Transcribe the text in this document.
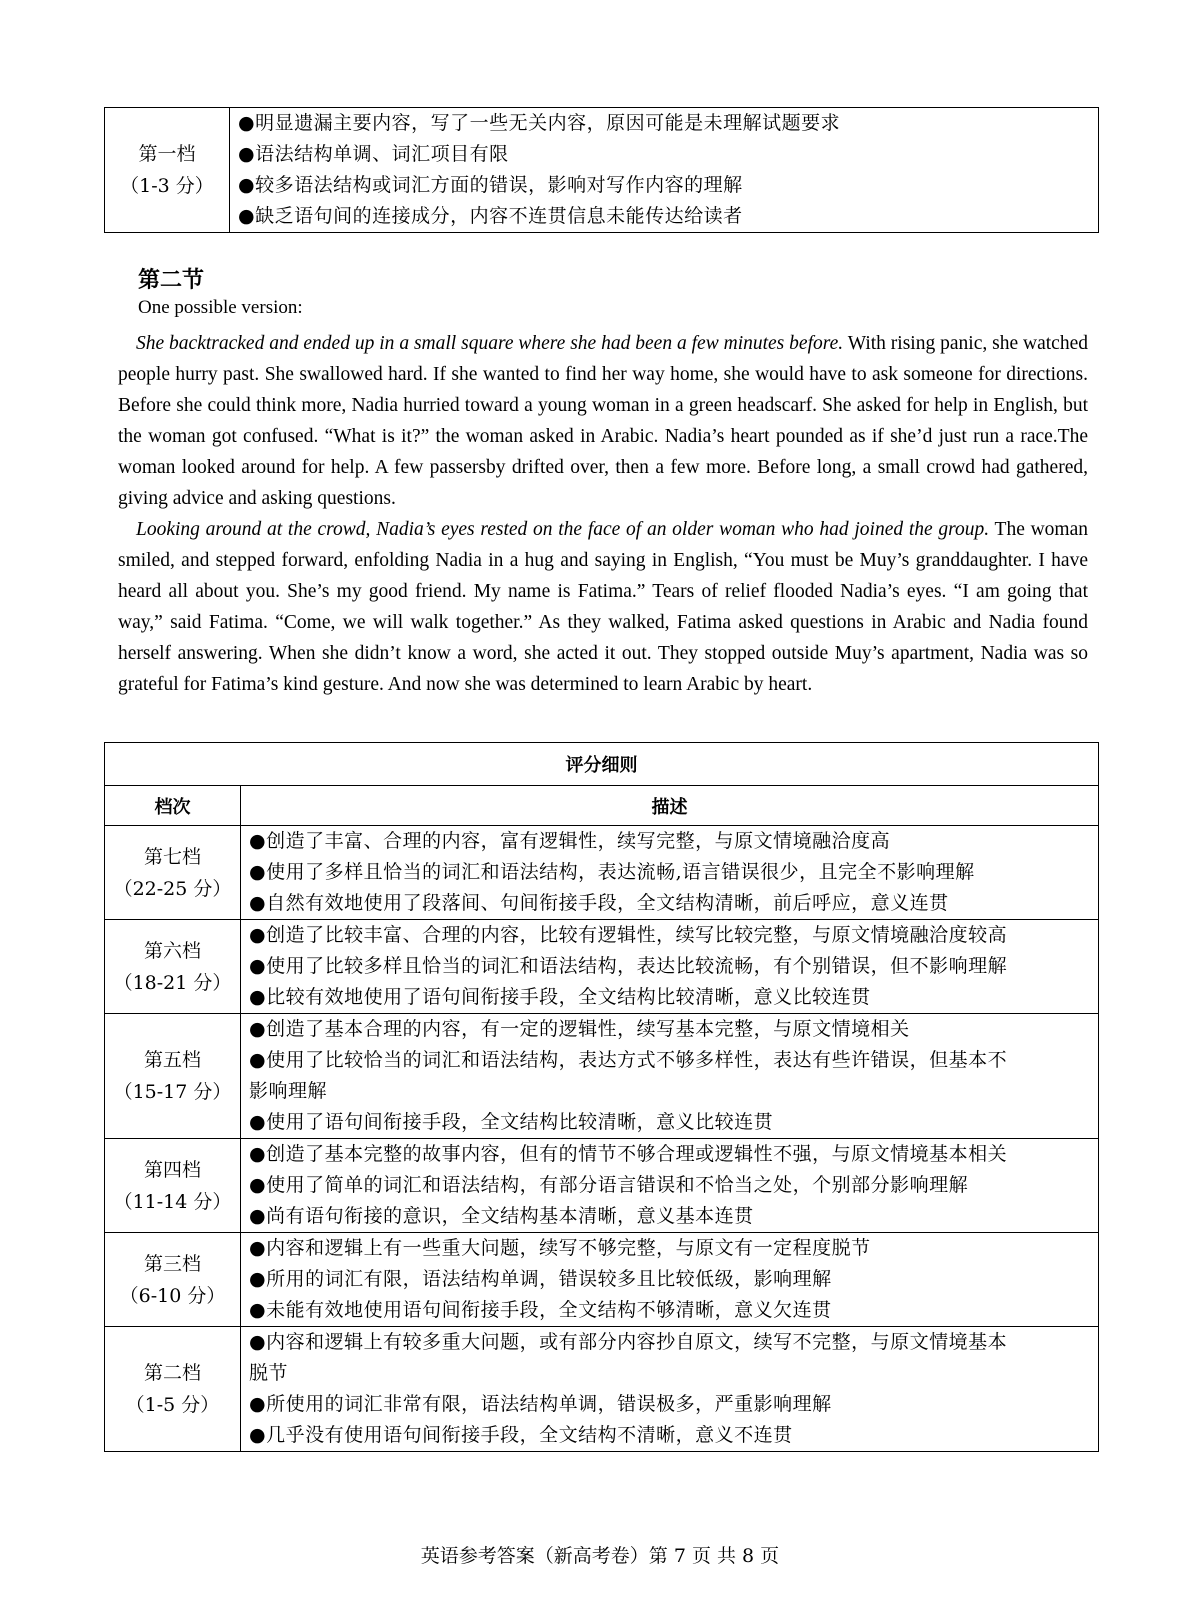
第一档
（1-3 分）

●明显遗漏主要内容，写了一些无关内容，原因可能是未理解试题要求
●语法结构单调、词汇项目有限
●较多语法结构或词汇方面的错误，影响对写作内容的理解
●缺乏语句间的连接成分，内容不连贯信息未能传达给读者
第二节
One possible version:

She backtracked and ended up in a small square where she had been a few minutes before. With rising panic, she watched people hurry past. She swallowed hard. If she wanted to find her way home, she would have to ask someone for directions. Before she could think more, Nadia hurried toward a young woman in a green headscarf. She asked for help in English, but the woman got confused. “What is it?” the woman asked in Arabic. Nadia’s heart pounded as if she’d just run a race.The woman looked around for help. A few passersby drifted over, then a few more. Before long, a small crowd had gathered, giving advice and asking questions.

Looking around at the crowd, Nadia’s eyes rested on the face of an older woman who had joined the group. The woman smiled, and stepped forward, enfolding Nadia in a hug and saying in English, “You must be Muy’s granddaughter. I have heard all about you. She’s my good friend. My name is Fatima.” Tears of relief flooded Nadia’s eyes. “I am going that way,” said Fatima. “Come, we will walk together.” As they walked, Fatima asked questions in Arabic and Nadia found herself answering. When she didn’t know a word, she acted it out. They stopped outside Muy’s apartment, Nadia was so grateful for Fatima’s kind gesture. And now she was determined to learn Arabic by heart.

评分细则	
档次	描述

第七档
（22-25 分）	●创造了丰富、合理的内容，富有逻辑性，续写完整，与原文情境融洽度高
●使用了多样且恰当的词汇和语法结构，表达流畅,语言错误很少，且完全不影响理解
●自然有效地使用了段落间、句间衔接手段，全文结构清晰，前后呼应，意义连贯

第六档
（18-21 分）	●创造了比较丰富、合理的内容，比较有逻辑性，续写比较完整，与原文情境融洽度较高
●使用了比较多样且恰当的词汇和语法结构，表达比较流畅，有个别错误，但不影响理解
●比较有效地使用了语句间衔接手段，全文结构比较清晰，意义比较连贯

第五档
（15-17 分）	●创造了基本合理的内容，有一定的逻辑性，续写基本完整，与原文情境相关
●使用了比较恰当的词汇和语法结构，表达方式不够多样性，表达有些许错误，但基本不
影响理解
●使用了语句间衔接手段，全文结构比较清晰，意义比较连贯

第四档
（11-14 分）	●创造了基本完整的故事内容，但有的情节不够合理或逻辑性不强，与原文情境基本相关
●使用了简单的词汇和语法结构，有部分语言错误和不恰当之处，个别部分影响理解
●尚有语句衔接的意识，全文结构基本清晰，意义基本连贯

第三档
（6-10 分）	●内容和逻辑上有一些重大问题，续写不够完整，与原文有一定程度脱节
●所用的词汇有限，语法结构单调，错误较多且比较低级，影响理解
●未能有效地使用语句间衔接手段，全文结构不够清晰，意义欠连贯

第二档
（1-5 分）	●内容和逻辑上有较多重大问题，或有部分内容抄自原文，续写不完整，与原文情境基本
脱节
●所使用的词汇非常有限，语法结构单调，错误极多，严重影响理解
●几乎没有使用语句间衔接手段，全文结构不清晰，意义不连贯
英语参考答案（新高考卷）第 7 页 共 8 页
